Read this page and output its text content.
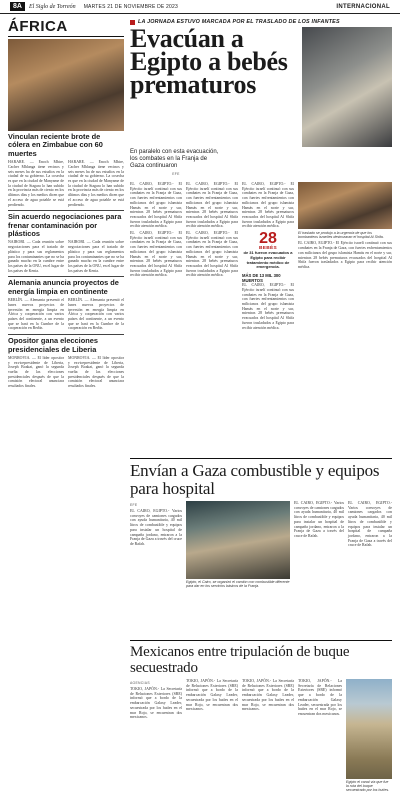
8A	El Siglo de Torreón MARTES 21 DE NOVIEMBRE DE 2023	INTERNACIONAL
ÁFRICA
Vinculan reciente brote de cólera en Zimbabue con 60 muertes
HARARE. — Enoch Mbire, Cacher Mhlanga tiene vecinos y seis meses ha de sus estudios en la ciudad de su gobierno. La cosecha es que en la ciudad de Manyame de la ciudad de Siagara lo han subido en la provincia más de ciento en los últimos días y los medios dicen que el acceso de agua potable se está perdiendo.
HARARE. — Enoch Mbire, Cacher Mhlanga tiene vecinos y seis meses ha de sus estudios en la ciudad de su gobierno. La cosecha es que en la ciudad de Manyame de la ciudad de Siagara lo han subido en la provincia más de ciento en los últimos días y los medios dicen que el acceso de agua potable se está perdiendo.
Sin acuerdo negociaciones para frenar contaminación por plásticos
NAIROBI. — Cada reunión sobre negociaciones para el tratado de plástico y para sus reglamentos para los contaminantes que no se ha ganado mucho en la cumbre entre los países de la ONU, en el lugar de los países de Kenia.
NAIROBI. — Cada reunión sobre negociaciones para el tratado de plástico y para sus reglamentos para los contaminantes que no se ha ganado mucho en la cumbre entre los países de la ONU, en el lugar de los países de Kenia.
Alemania anuncia proyectos de energía limpia en continente
BERLÍN. — Alemania presentó el lunes nuevos proyectos de inversión en energía limpia en África y cooperación con varios países del continente, a un evento que se hará en la Cumbre de la cooperación en Berlín.
BERLÍN. — Alemania presentó el lunes nuevos proyectos de inversión en energía limpia en África y cooperación con varios países del continente, a un evento que se hará en la Cumbre de la cooperación en Berlín.
Opositor gana elecciones presidenciales de Liberia
MONROVIA. — El líder opositor y exvicepresidente de Liberia, Joseph Boakai, ganó la segunda vuelta de las elecciones presidenciales después de que la comisión electoral anunciara resultados finales.
MONROVIA. — El líder opositor y exvicepresidente de Liberia, Joseph Boakai, ganó la segunda vuelta de las elecciones presidenciales después de que la comisión electoral anunciara resultados finales.
LA JORNADA ESTUVO MARCADA POR EL TRASLADO DE LOS INFANTES
Evacúan a Egipto a bebés prematuros
En paralelo con esta evacuación, los combates en la Franja de Gaza continuaron
EFE
EL CAIRO, EGIPTO.- El Ejército israelí continuó con sus combates en la Franja de Gaza, con fuertes enfrentamientos con milicianos del grupo islamista Hamás en el norte y sur, mientras 28 bebés prematuros evacuados del hospital Al Shifa fueron trasladados a Egipto para recibir atención médica.
EL CAIRO, EGIPTO.- El Ejército israelí continuó con sus combates en la Franja de Gaza, con fuertes enfrentamientos con milicianos del grupo islamista Hamás en el norte y sur, mientras 28 bebés prematuros evacuados del hospital Al Shifa fueron trasladados a Egipto para recibir atención médica.
EL CAIRO, EGIPTO.- El Ejército israelí continuó con sus combates en la Franja de Gaza, con fuertes enfrentamientos con milicianos del grupo islamista Hamás en el norte y sur, mientras 28 bebés prematuros evacuados del hospital Al Shifa fueron trasladados a Egipto para recibir atención médica.
EL CAIRO, EGIPTO.- El Ejército israelí continuó con sus combates en la Franja de Gaza, con fuertes enfrentamientos con milicianos del grupo islamista Hamás en el norte y sur, mientras 28 bebés prematuros evacuados del hospital Al Shifa fueron trasladados a Egipto para recibir atención médica.
EL CAIRO, EGIPTO.- El Ejército israelí continuó con sus combates en la Franja de Gaza, con fuertes enfrentamientos con milicianos del grupo islamista Hamás en el norte y sur, mientras 28 bebés prematuros evacuados del hospital Al Shifa fueron trasladados a Egipto para recibir atención médica.
28
BEBÉS
de 31 fueron evacuados a Egipto para recibir tratamiento médico de emergencia.
MÁS DE 13 MIL 300 MUERTOS
EL CAIRO, EGIPTO.- El Ejército israelí continuó con sus combates en la Franja de Gaza, con fuertes enfrentamientos con milicianos del grupo islamista Hamás en el norte y sur, mientras 28 bebés prematuros evacuados del hospital Al Shifa fueron trasladados a Egipto para recibir atención médica.
El traslado se produjo a la urgencia de que los bombardeos israelíes destrozaran el hospital Al Shifa.
EL CAIRO, EGIPTO.- El Ejército israelí continuó con sus combates en la Franja de Gaza, con fuertes enfrentamientos con milicianos del grupo islamista Hamás en el norte y sur, mientras 28 bebés prematuros evacuados del hospital Al Shifa fueron trasladados a Egipto para recibir atención médica.
Envían a Gaza combustible y equipos para hospital
EFE
EL CAIRO, EGIPTO.- Varios convoyes de camiones cargados con ayuda humanitaria, 40 mil litros de combustible y equipos para instalar un hospital de campaña jordano, entraron a la Franja de Gaza a través del cruce de Rafah.
Egipto, el Cairo, se organizó el camión con combustible diferente para dar en los servicios básicos de la Franja.
EL CAIRO, EGIPTO.- Varios convoyes de camiones cargados con ayuda humanitaria, 40 mil litros de combustible y equipos para instalar un hospital de campaña jordano, entraron a la Franja de Gaza a través del cruce de Rafah.
EL CAIRO, EGIPTO.- Varios convoyes de camiones cargados con ayuda humanitaria, 40 mil litros de combustible y equipos para instalar un hospital de campaña jordano, entraron a la Franja de Gaza a través del cruce de Rafah.
Mexicanos entre tripulación de buque secuestrado
AGENCIAS
TOKIO, JAPÓN.- La Secretaría de Relaciones Exteriores (SRE) informó que a bordo de la embarcación Galaxy Leader, secuestrada por los hutíes en el mar Rojo, se encuentran dos mexicanos.
TOKIO, JAPÓN.- La Secretaría de Relaciones Exteriores (SRE) informó que a bordo de la embarcación Galaxy Leader, secuestrada por los hutíes en el mar Rojo, se encuentran dos mexicanos.
TOKIO, JAPÓN.- La Secretaría de Relaciones Exteriores (SRE) informó que a bordo de la embarcación Galaxy Leader, secuestrada por los hutíes en el mar Rojo, se encuentran dos mexicanos.
TOKIO, JAPÓN.- La Secretaría de Relaciones Exteriores (SRE) informó que a bordo de la embarcación Galaxy Leader, secuestrada por los hutíes en el mar Rojo, se encuentran dos mexicanos.
Egipto el canal vía que fue la ruta del buque secuestrado por los hutíes.
